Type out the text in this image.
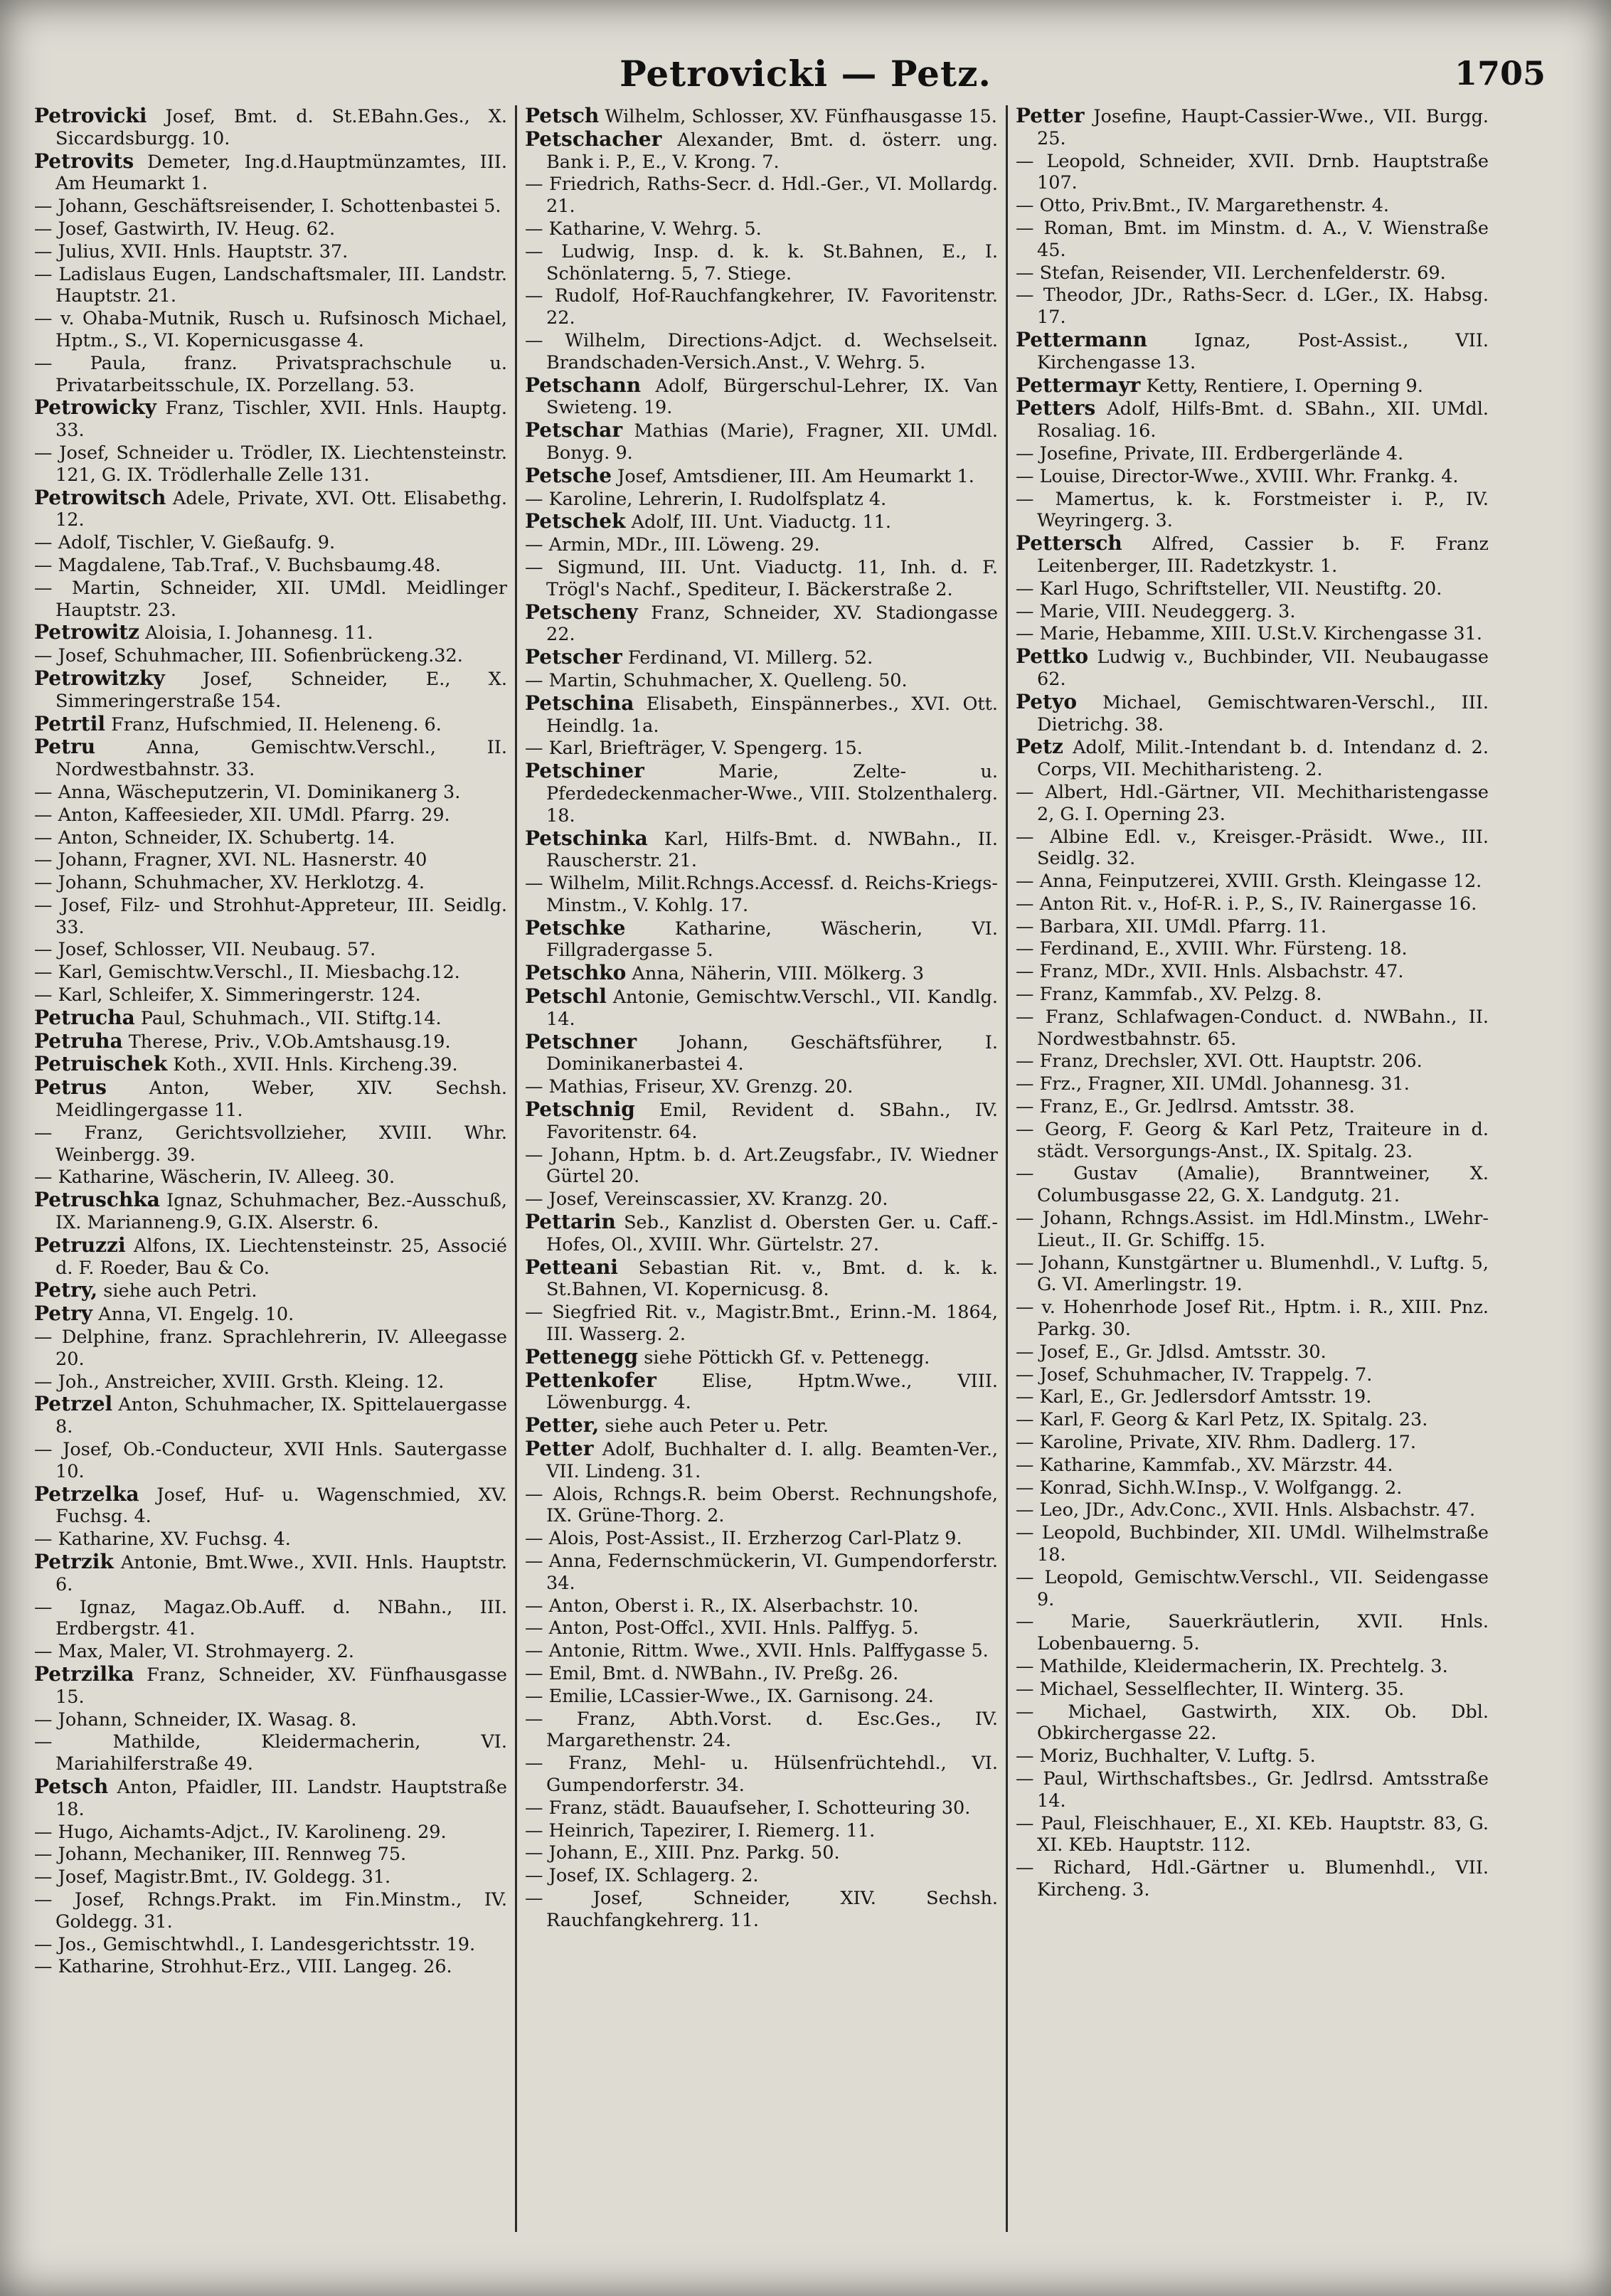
Petrovicki — Petz.	1705
Petrovicki Josef, Bmt. d. St.EBahn.Ges., X. Siccardsburgg. 10.
Petrovits Demeter, Ing.d.Hauptmünzamtes, III. Am Heumarkt 1.
— Johann, Geschäftsreisender, I. Schottenbastei 5.
— Josef, Gastwirth, IV. Heug. 62.
— Julius, XVII. Hnls. Hauptstr. 37.
— Ladislaus Eugen, Landschaftsmaler, III. Landstr. Hauptstr. 21.
— v. Ohaba-Mutnik, Rusch u. Rufsinosch Michael, Hptm., S., VI. Kopernicusgasse 4.
— Paula, franz. Privatsprachschule u. Privatarbeitsschule, IX. Porzellang. 53.
Petrowicky Franz, Tischler, XVII. Hnls. Hauptg. 33.
— Josef, Schneider u. Trödler, IX. Liechtensteinstr. 121, G. IX. Trödlerhalle Zelle 131.
Petrowitsch Adele, Private, XVI. Ott. Elisabethg. 12.
— Adolf, Tischler, V. Gießaufg. 9.
— Magdalene, Tab.Traf., V. Buchsbaumg.48.
— Martin, Schneider, XII. UMdl. Meidlinger Hauptstr. 23.
Petrowitz Aloisia, I. Johannesg. 11.
— Josef, Schuhmacher, III. Sofienbrückeng.32.
Petrowitzky Josef, Schneider, E., X. Simmeringerstraße 154.
Petrtil Franz, Hufschmied, II. Heleneng. 6.
Petru Anna, Gemischtw.Verschl., II. Nordwestbahnstr. 33.
— Anna, Wäscheputzerin, VI. Dominikanerg 3.
— Anton, Kaffeesieder, XII. UMdl. Pfarrg. 29.
— Anton, Schneider, IX. Schubertg. 14.
— Johann, Fragner, XVI. NL. Hasnerstr. 40
— Johann, Schuhmacher, XV. Herklotzg. 4.
— Josef, Filz- und Strohhut-Appreteur, III. Seidlg. 33.
— Josef, Schlosser, VII. Neubaug. 57.
— Karl, Gemischtw.Verschl., II. Miesbachg.12.
— Karl, Schleifer, X. Simmeringerstr. 124.
Petrucha Paul, Schuhmach., VII. Stiftg.14.
Petruha Therese, Priv., V.Ob.Amtshausg.19.
Petruischek Koth., XVII. Hnls. Kircheng.39.
Petrus Anton, Weber, XIV. Sechsh. Meidlingergasse 11.
— Franz, Gerichtsvollzieher, XVIII. Whr. Weinbergg. 39.
— Katharine, Wäscherin, IV. Alleeg. 30.
Petruschka Ignaz, Schuhmacher, Bez.-Ausschuß, IX. Marianneng.9, G.IX. Alserstr. 6.
Petruzzi Alfons, IX. Liechtensteinstr. 25, Associé d. F. Roeder, Bau & Co.
Petry, siehe auch Petri.
Petry Anna, VI. Engelg. 10.
— Delphine, franz. Sprachlehrerin, IV. Alleegasse 20.
— Joh., Anstreicher, XVIII. Grsth. Kleing. 12.
Petrzel Anton, Schuhmacher, IX. Spittelauergasse 8.
— Josef, Ob.-Conducteur, XVII Hnls. Sautergasse 10.
Petrzelka Josef, Huf- u. Wagenschmied, XV. Fuchsg. 4.
— Katharine, XV. Fuchsg. 4.
Petrzik Antonie, Bmt.Wwe., XVII. Hnls. Hauptstr. 6.
— Ignaz, Magaz.Ob.Auff. d. NBahn., III. Erdbergstr. 41.
— Max, Maler, VI. Strohmayerg. 2.
Petrzilka Franz, Schneider, XV. Fünfhausgasse 15.
— Johann, Schneider, IX. Wasag. 8.
— Mathilde, Kleidermacherin, VI. Mariahilferstraße 49.
Petsch Anton, Pfaidler, III. Landstr. Hauptstraße 18.
— Hugo, Aichamts-Adjct., IV. Karolineng. 29.
— Johann, Mechaniker, III. Rennweg 75.
— Josef, Magistr.Bmt., IV. Goldegg. 31.
— Josef, Rchngs.Prakt. im Fin.Minstm., IV. Goldegg. 31.
— Jos., Gemischtwhdl., I. Landesgerichtsstr. 19.
— Katharine, Strohhut-Erz., VIII. Langeg. 26.
Petsch Wilhelm, Schlosser, XV. Fünfhausgasse 15.
Petschacher Alexander, Bmt. d. österr. ung. Bank i. P., E., V. Krong. 7.
— Friedrich, Raths-Secr. d. Hdl.-Ger., VI. Mollardg. 21.
— Katharine, V. Wehrg. 5.
— Ludwig, Insp. d. k. k. St.Bahnen, E., I. Schönlaterng. 5, 7. Stiege.
— Rudolf, Hof-Rauchfangkehrer, IV. Favoritenstr. 22.
— Wilhelm, Directions-Adjct. d. Wechselseit. Brandschaden-Versich.Anst., V. Wehrg. 5.
Petschann Adolf, Bürgerschul-Lehrer, IX. Van Swieteng. 19.
Petschar Mathias (Marie), Fragner, XII. UMdl. Bonyg. 9.
Petsche Josef, Amtsdiener, III. Am Heumarkt 1.
— Karoline, Lehrerin, I. Rudolfsplatz 4.
Petschek Adolf, III. Unt. Viaductg. 11.
— Armin, MDr., III. Löweng. 29.
— Sigmund, III. Unt. Viaductg. 11, Inh. d. F. Trögl's Nachf., Spediteur, I. Bäckerstraße 2.
Petscheny Franz, Schneider, XV. Stadiongasse 22.
Petscher Ferdinand, VI. Millerg. 52.
— Martin, Schuhmacher, X. Quelleng. 50.
Petschina Elisabeth, Einspännerbes., XVI. Ott. Heindlg. 1a.
— Karl, Briefträger, V. Spengerg. 15.
Petschiner Marie, Zelte- u. Pferdedeckenmacher-Wwe., VIII. Stolzenthalerg. 18.
Petschinka Karl, Hilfs-Bmt. d. NWBahn., II. Rauscherstr. 21.
— Wilhelm, Milit.Rchngs.Accessf. d. Reichs-Kriegs-Minstm., V. Kohlg. 17.
Petschke Katharine, Wäscherin, VI. Fillgradergasse 5.
Petschko Anna, Näherin, VIII. Mölkerg. 3
Petschl Antonie, Gemischtw.Verschl., VII. Kandlg. 14.
Petschner Johann, Geschäftsführer, I. Dominikanerbastei 4.
— Mathias, Friseur, XV. Grenzg. 20.
Petschnig Emil, Revident d. SBahn., IV. Favoritenstr. 64.
— Johann, Hptm. b. d. Art.Zeugsfabr., IV. Wiedner Gürtel 20.
— Josef, Vereinscassier, XV. Kranzg. 20.
Pettarin Seb., Kanzlist d. Obersten Ger. u. Caff.-Hofes, Ol., XVIII. Whr. Gürtelstr. 27.
Petteani Sebastian Rit. v., Bmt. d. k. k. St.Bahnen, VI. Kopernicusg. 8.
— Siegfried Rit. v., Magistr.Bmt., Erinn.-M. 1864, III. Wasserg. 2.
Pettenegg siehe Pöttickh Gf. v. Pettenegg.
Pettenkofer Elise, Hptm.Wwe., VIII. Löwenburgg. 4.
Petter, siehe auch Peter u. Petr.
Petter Adolf, Buchhalter d. I. allg. Beamten-Ver., VII. Lindeng. 31.
— Alois, Rchngs.R. beim Oberst. Rechnungshofe, IX. Grüne-Thorg. 2.
— Alois, Post-Assist., II. Erzherzog Carl-Platz 9.
— Anna, Federnschmückerin, VI. Gumpendorferstr. 34.
— Anton, Oberst i. R., IX. Alserbachstr. 10.
— Anton, Post-Offcl., XVII. Hnls. Palffyg. 5.
— Antonie, Rittm. Wwe., XVII. Hnls. Palffygasse 5.
— Emil, Bmt. d. NWBahn., IV. Preßg. 26.
— Emilie, LCassier-Wwe., IX. Garnisong. 24.
— Franz, Abth.Vorst. d. Esc.Ges., IV. Margarethenstr. 24.
— Franz, Mehl- u. Hülsenfrüchtehdl., VI. Gumpendorferstr. 34.
— Franz, städt. Bauaufseher, I. Schotteuring 30.
— Heinrich, Tapezirer, I. Riemerg. 11.
— Johann, E., XIII. Pnz. Parkg. 50.
— Josef, IX. Schlagerg. 2.
— Josef, Schneider, XIV. Sechsh. Rauchfangkehrerg. 11.
Petter Josefine, Haupt-Cassier-Wwe., VII. Burgg. 25.
— Leopold, Schneider, XVII. Drnb. Hauptstraße 107.
— Otto, Priv.Bmt., IV. Margarethenstr. 4.
— Roman, Bmt. im Minstm. d. A., V. Wienstraße 45.
— Stefan, Reisender, VII. Lerchenfelderstr. 69.
— Theodor, JDr., Raths-Secr. d. LGer., IX. Habsg. 17.
Pettermann Ignaz, Post-Assist., VII. Kirchengasse 13.
Pettermayr Ketty, Rentiere, I. Operning 9.
Petters Adolf, Hilfs-Bmt. d. SBahn., XII. UMdl. Rosaliag. 16.
— Josefine, Private, III. Erdbergerlände 4.
— Louise, Director-Wwe., XVIII. Whr. Frankg. 4.
— Mamertus, k. k. Forstmeister i. P., IV. Weyringerg. 3.
Pettersch Alfred, Cassier b. F. Franz Leitenberger, III. Radetzkystr. 1.
— Karl Hugo, Schriftsteller, VII. Neustiftg. 20.
— Marie, VIII. Neudeggerg. 3.
— Marie, Hebamme, XIII. U.St.V. Kirchengasse 31.
Pettko Ludwig v., Buchbinder, VII. Neubaugasse 62.
Petyo Michael, Gemischtwaren-Verschl., III. Dietrichg. 38.
Petz Adolf, Milit.-Intendant b. d. Intendanz d. 2. Corps, VII. Mechitharisteng. 2.
— Albert, Hdl.-Gärtner, VII. Mechitharistengasse 2, G. I. Operning 23.
— Albine Edl. v., Kreisger.-Präsidt. Wwe., III. Seidlg. 32.
— Anna, Feinputzerei, XVIII. Grsth. Kleingasse 12.
— Anton Rit. v., Hof-R. i. P., S., IV. Rainergasse 16.
— Barbara, XII. UMdl. Pfarrg. 11.
— Ferdinand, E., XVIII. Whr. Fürsteng. 18.
— Franz, MDr., XVII. Hnls. Alsbachstr. 47.
— Franz, Kammfab., XV. Pelzg. 8.
— Franz, Schlafwagen-Conduct. d. NWBahn., II. Nordwestbahnstr. 65.
— Franz, Drechsler, XVI. Ott. Hauptstr. 206.
— Frz., Fragner, XII. UMdl. Johannesg. 31.
— Franz, E., Gr. Jedlrsd. Amtsstr. 38.
— Georg, F. Georg & Karl Petz, Traiteure in d. städt. Versorgungs-Anst., IX. Spitalg. 23.
— Gustav (Amalie), Branntweiner, X. Columbusgasse 22, G. X. Landgutg. 21.
— Johann, Rchngs.Assist. im Hdl.Minstm., LWehr-Lieut., II. Gr. Schiffg. 15.
— Johann, Kunstgärtner u. Blumenhdl., V. Luftg. 5, G. VI. Amerlingstr. 19.
— v. Hohenrhode Josef Rit., Hptm. i. R., XIII. Pnz. Parkg. 30.
— Josef, E., Gr. Jdlsd. Amtsstr. 30.
— Josef, Schuhmacher, IV. Trappelg. 7.
— Karl, E., Gr. Jedlersdorf Amtsstr. 19.
— Karl, F. Georg & Karl Petz, IX. Spitalg. 23.
— Karoline, Private, XIV. Rhm. Dadlerg. 17.
— Katharine, Kammfab., XV. Märzstr. 44.
— Konrad, Sichh.W.Insp., V. Wolfgangg. 2.
— Leo, JDr., Adv.Conc., XVII. Hnls. Alsbachstr. 47.
— Leopold, Buchbinder, XII. UMdl. Wilhelmstraße 18.
— Leopold, Gemischtw.Verschl., VII. Seidengasse 9.
— Marie, Sauerkräutlerin, XVII. Hnls. Lobenbauerng. 5.
— Mathilde, Kleidermacherin, IX. Prechtelg. 3.
— Michael, Sesselflechter, II. Winterg. 35.
— Michael, Gastwirth, XIX. Ob. Dbl. Obkirchergasse 22.
— Moriz, Buchhalter, V. Luftg. 5.
— Paul, Wirthschaftsbes., Gr. Jedlrsd. Amtsstraße 14.
— Paul, Fleischhauer, E., XI. KEb. Hauptstr. 83, G. XI. KEb. Hauptstr. 112.
— Richard, Hdl.-Gärtner u. Blumenhdl., VII. Kircheng. 3.
